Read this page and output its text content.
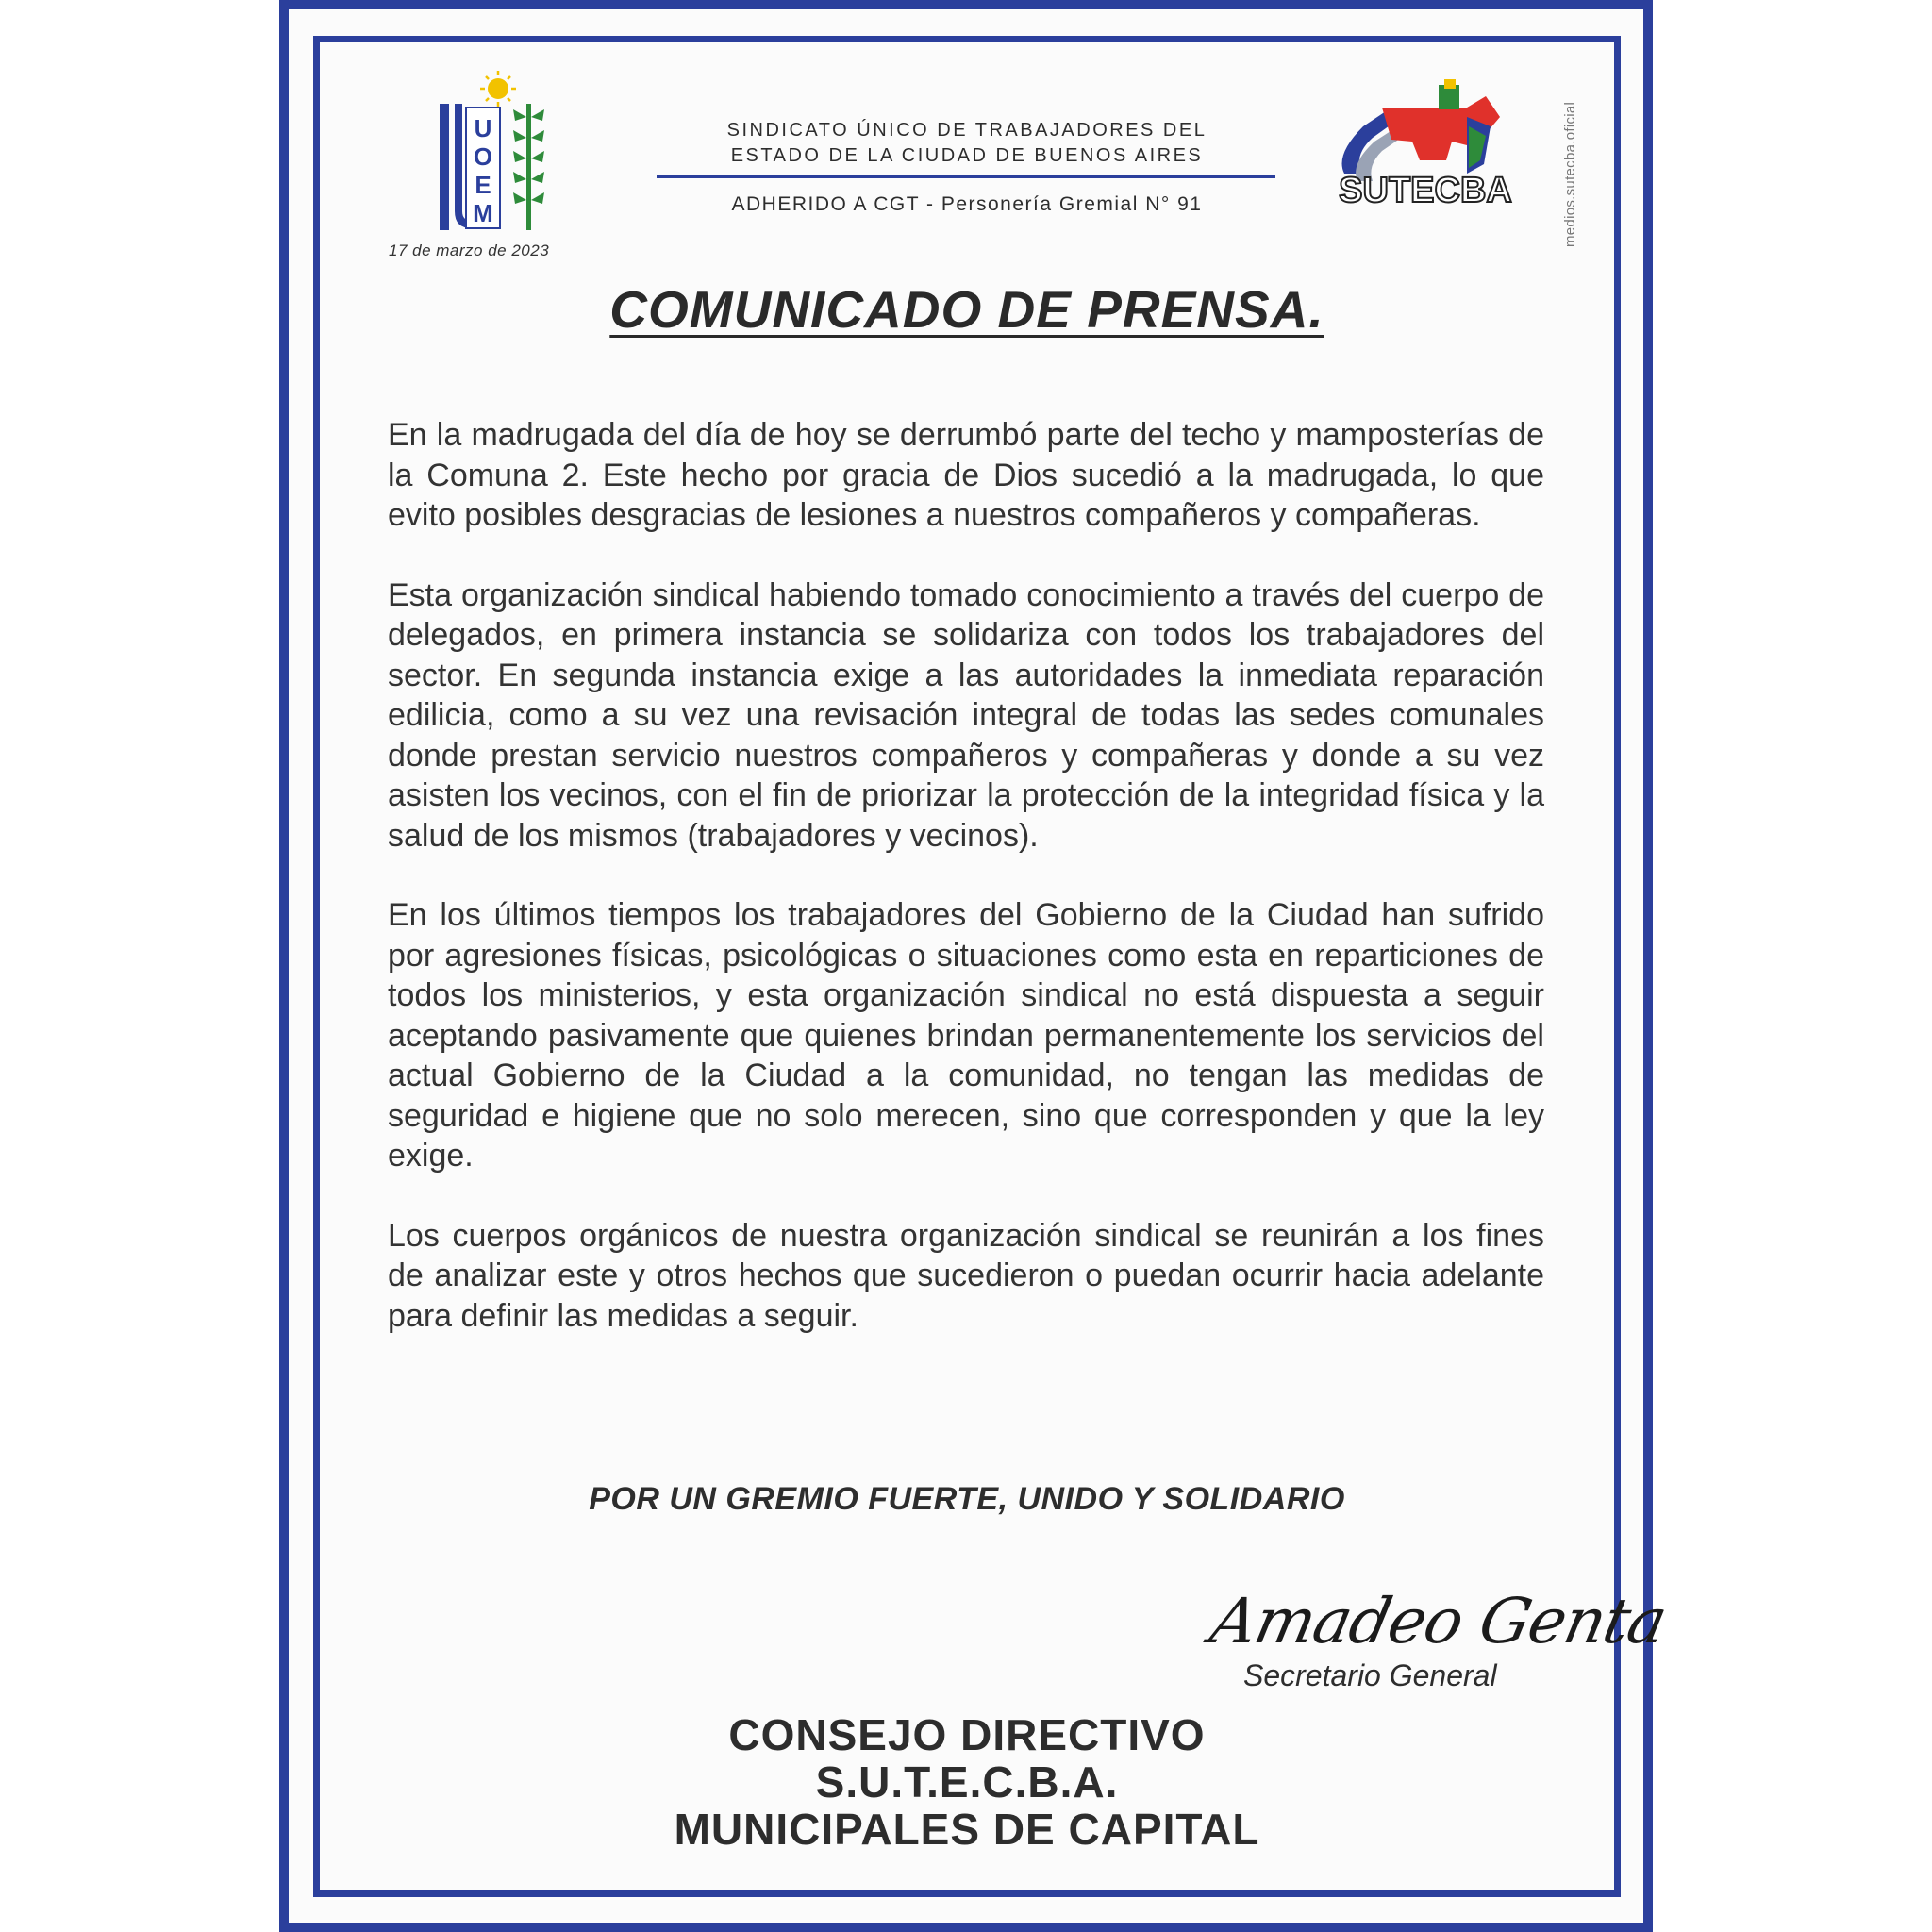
U
O
E
M
17 de marzo de 2023
SINDICATO ÚNICO DE TRABAJADORES DEL
ESTADO DE LA CIUDAD DE BUENOS AIRES
ADHERIDO A CGT - Personería Gremial N° 91	SUTECBA	medios.sutecba.oficial
COMUNICADO DE PRENSA.

En la madrugada del día de hoy se derrumbó parte del techo y mamposterías de la Comuna 2. Este hecho por gracia de Dios sucedió a la madrugada, lo que evito posibles desgracias de lesiones a nuestros compañeros y compañeras.

Esta organización sindical habiendo tomado conocimiento a través del cuerpo de delegados, en primera instancia se solidariza con todos los trabajadores del sector. En segunda instancia exige a las autoridades la inmediata reparación edilicia, como a su vez una revisación integral de todas las sedes comunales donde prestan servicio nuestros compañeros y compañeras y donde a su vez asisten los vecinos, con el fin de priorizar la protección de la integridad física y la salud de los mismos (trabajadores y vecinos).

En los últimos tiempos los trabajadores del Gobierno de la Ciudad han sufrido por agresiones físicas, psicológicas o situaciones como esta en reparticiones de todos los ministerios, y esta organización sindical no está dispuesta a seguir aceptando pasivamente que quienes brindan permanentemente los servicios del actual Gobierno de la Ciudad a la comunidad, no tengan las medidas de seguridad e higiene que no solo merecen, sino que corresponden y que la ley exige.

Los cuerpos orgánicos de nuestra organización sindical se reunirán a los fines de analizar este y otros hechos que sucedieron o puedan ocurrir hacia adelante para definir las medidas a seguir.

POR UN GREMIO FUERTE, UNIDO Y SOLIDARIO
Amadeo Genta
Secretario General
CONSEJO DIRECTIVO
S.U.T.E.C.B.A.
MUNICIPALES DE CAPITAL
